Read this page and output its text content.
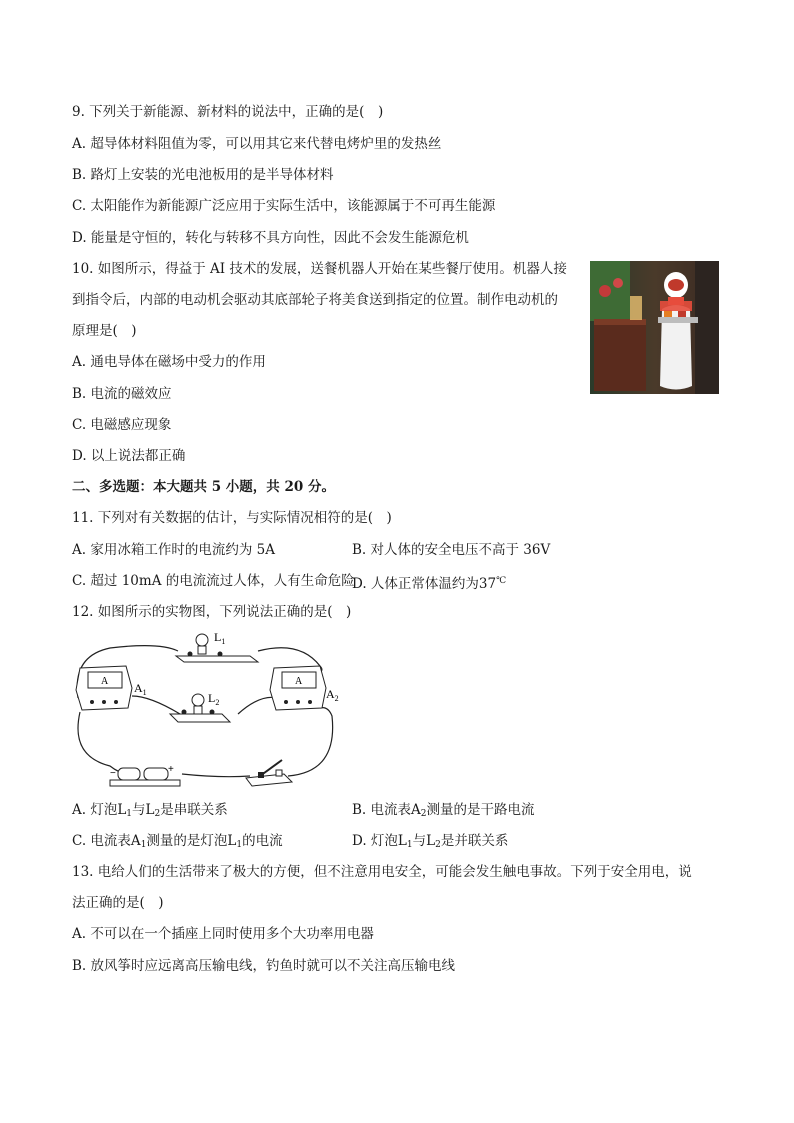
9. 下列关于新能源、新材料的说法中，正确的是(　)
A. 超导体材料阻值为零，可以用其它来代替电烤炉里的发热丝
B. 路灯上安装的光电池板用的是半导体材料
C. 太阳能作为新能源广泛应用于实际生活中，该能源属于不可再生能源
D. 能量是守恒的，转化与转移不具方向性，因此不会发生能源危机
10. 如图所示，得益于 AI 技术的发展，送餐机器人开始在某些餐厅使用。机器人接
到指令后，内部的电动机会驱动其底部轮子将美食送到指定的位置。制作电动机的
原理是(　)
A. 通电导体在磁场中受力的作用
B. 电流的磁效应
C. 电磁感应现象
D. 以上说法都正确
二、多选题：本大题共 5 小题，共 20 分。
11. 下列对有关数据的估计，与实际情况相符的是(　)
A. 家用冰箱工作时的电流约为 5A	B. 对人体的安全电压不高于 36V
C. 超过 10mA 的电流流过人体，人有生命危险
D. 人体正常体温约为37℃
12. 如图所示的实物图，下列说法正确的是(　)
$L_1$
$L_2$
A $A_1$
A
$A_2$
−	+
A. 灯泡$L_1$与$L_2$是串联关系	B. 电流表$A_2$测量的是干路电流
C. 电流表$A_1$测量的是灯泡$L_1$的电流	D. 灯泡$L_1$与$L_2$是并联关系
13. 电给人们的生活带来了极大的方便，但不注意用电安全，可能会发生触电事故。下列于安全用电，说
法正确的是(　)
A. 不可以在一个插座上同时使用多个大功率用电器
B. 放风筝时应远离高压输电线，钓鱼时就可以不关注高压输电线
